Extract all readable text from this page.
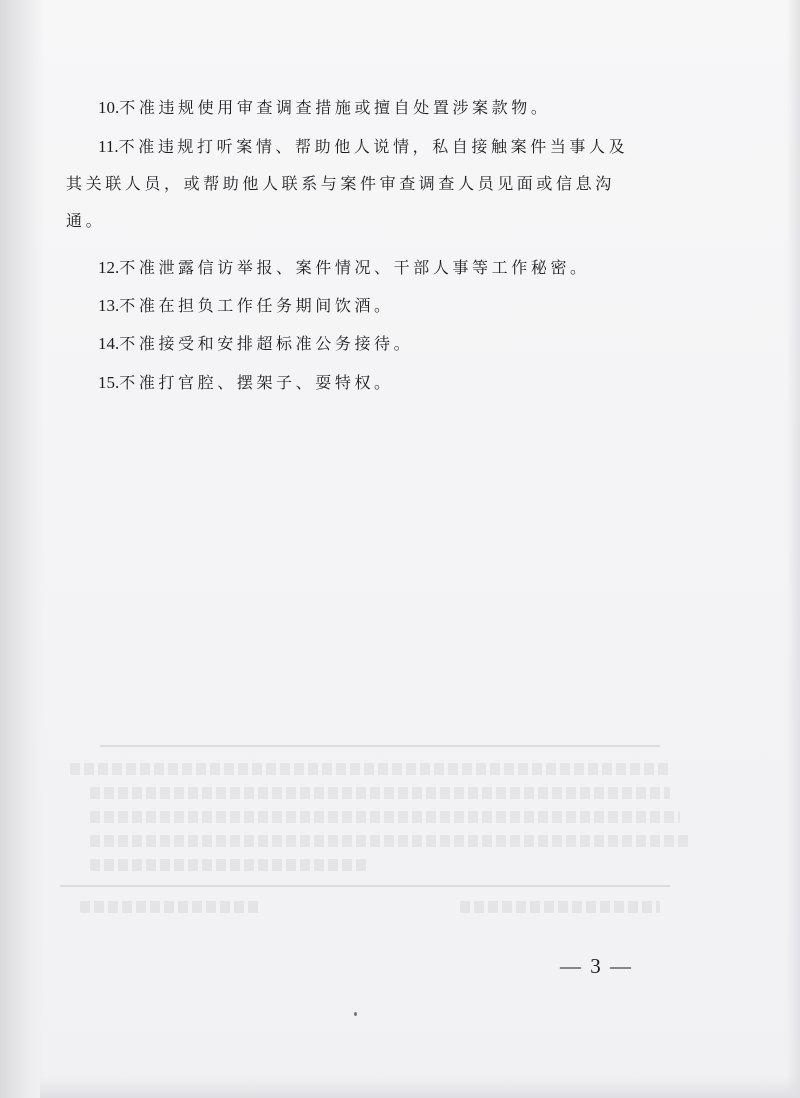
10.不准违规使用审查调查措施或擅自处置涉案款物。

11.不准违规打听案情、帮助他人说情，私自接触案件当事人及其关联人员，或帮助他人联系与案件审查调查人员见面或信息沟通。

12.不准泄露信访举报、案件情况、干部人事等工作秘密。

13.不准在担负工作任务期间饮酒。

14.不准接受和安排超标准公务接待。

15.不准打官腔、摆架子、耍特权。

— 3 —
